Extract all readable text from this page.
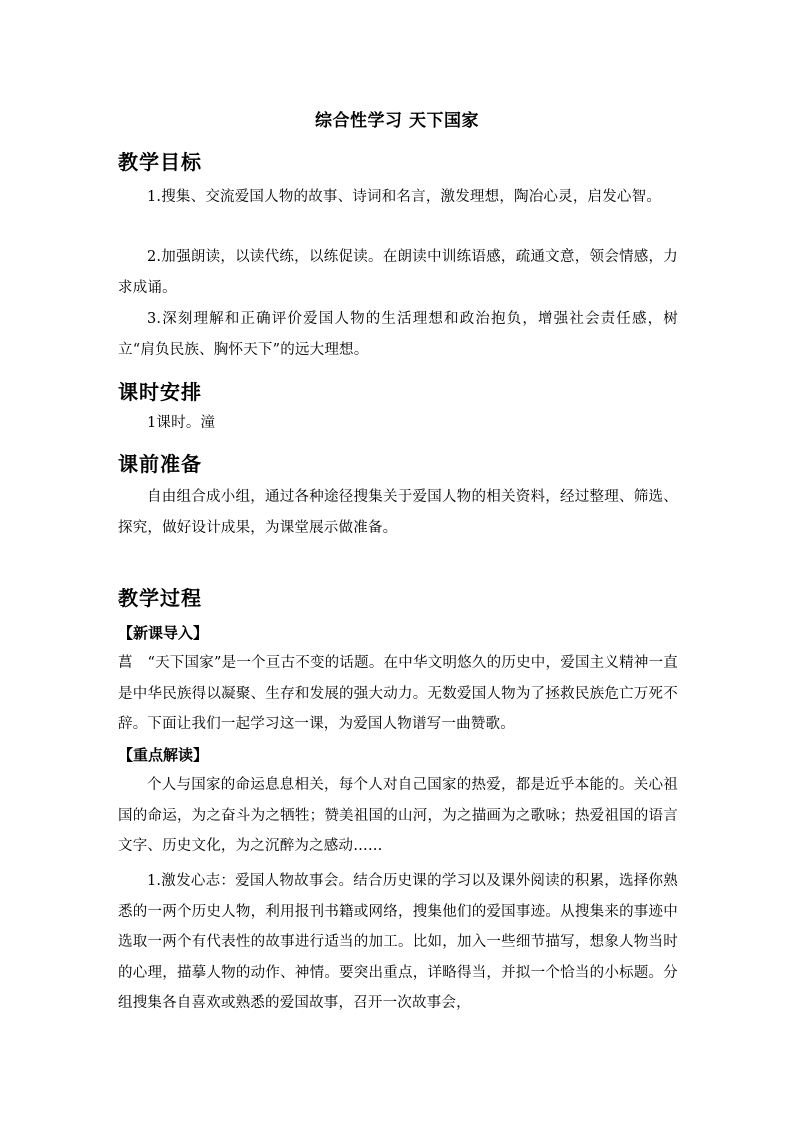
综合性学习 天下国家
教学目标
1.搜集、交流爱国人物的故事、诗词和名言，激发理想，陶冶心灵，启发心智。
2.加强朗读，以读代练，以练促读。在朗读中训练语感，疏通文意，领会情感，力求成诵。
3.深刻理解和正确评价爱国人物的生活理想和政治抱负，增强社会责任感，树立“肩负民族、胸怀天下”的远大理想。
课时安排
1课时。潼
课前准备
自由组合成小组，通过各种途径搜集关于爱国人物的相关资料，经过整理、筛选、探究，做好设计成果，为课堂展示做准备。
教学过程
【新课导入】
菖　“天下国家”是一个亘古不变的话题。在中华文明悠久的历史中，爱国主义精神一直是中华民族得以凝聚、生存和发展的强大动力。无数爱国人物为了拯救民族危亡万死不辞。下面让我们一起学习这一课，为爱国人物谱写一曲赞歌。
【重点解读】
个人与国家的命运息息相关，每个人对自己国家的热爱，都是近乎本能的。关心祖国的命运，为之奋斗为之牺牲；赞美祖国的山河，为之描画为之歌咏；热爱祖国的语言文字、历史文化，为之沉醉为之感动……
1.激发心志：爱国人物故事会。结合历史课的学习以及课外阅读的积累，选择你熟悉的一两个历史人物，利用报刊书籍或网络，搜集他们的爱国事迹。从搜集来的事迹中选取一两个有代表性的故事进行适当的加工。比如，加入一些细节描写，想象人物当时的心理，描摹人物的动作、神情。要突出重点，详略得当，并拟一个恰当的小标题。分组搜集各自喜欢或熟悉的爱国故事，召开一次故事会，
